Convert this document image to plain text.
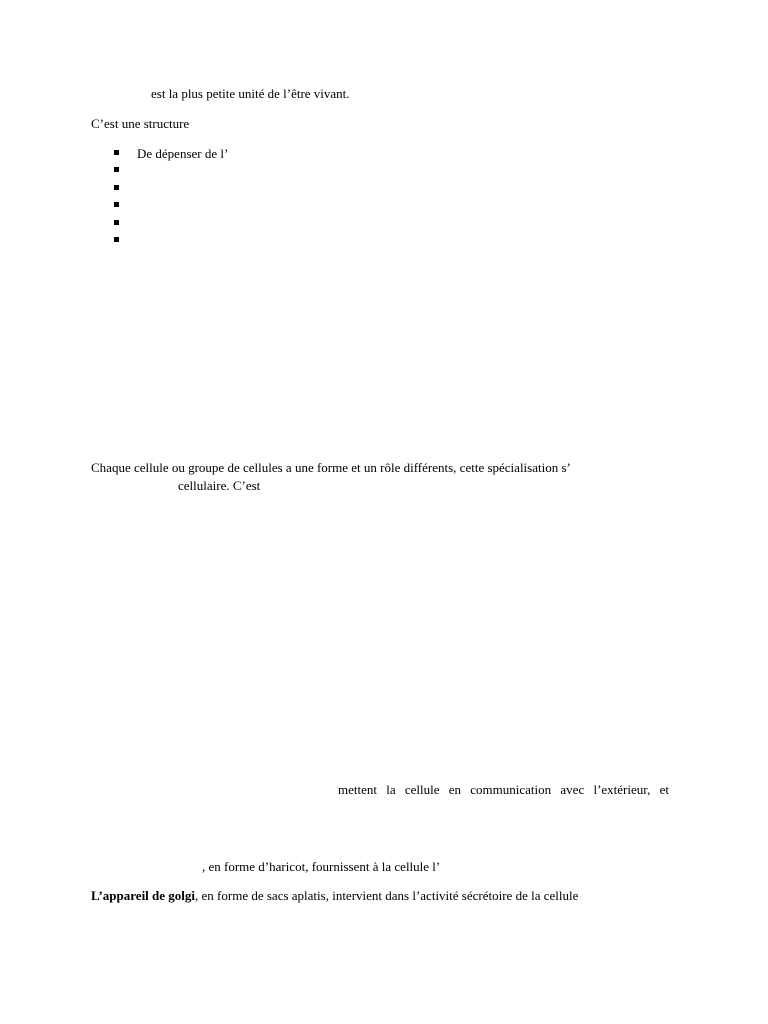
est la plus petite unité de l’être vivant.
C’est une structure
De dépenser de l’
Chaque cellule ou groupe de cellules a une forme et un rôle différents, cette spécialisation s’
cellulaire. C’est
mettent la cellule en communication avec l’extérieur, et
, en forme d’haricot, fournissent à la cellule l’
L’appareil de golgi, en forme de sacs aplatis, intervient dans l’activité sécrétoire de la cellule
